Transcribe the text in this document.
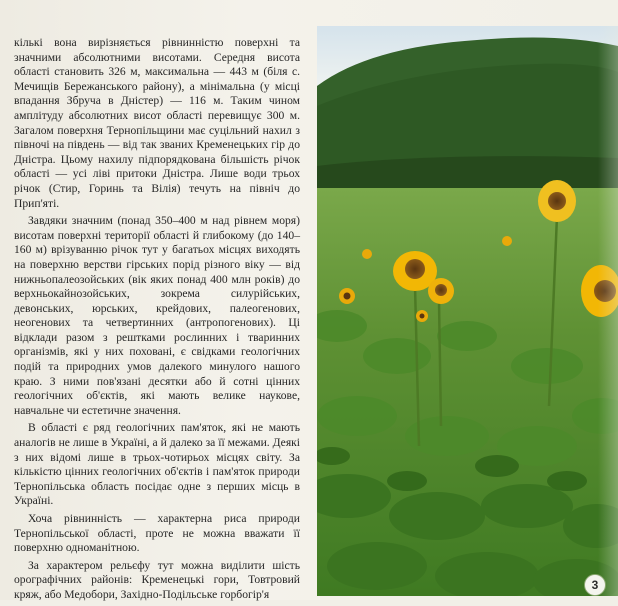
кількі вона вирізняється рівнинністю поверхні та значними абсолютними висотами. Середня висота області становить 326 м, максимальна — 443 м (біля с. Мечищів Бережанського району), а мінімальна (у місці впадання Збруча в Дністер) — 116 м. Таким чином амплітуду абсолютних висот області перевищує 300 м. Загалом поверхня Тернопільщини має суцільний нахил з півночі на південь — від так званих Кременецьких гір до Дністра. Цьому нахилу підпорядкована більшість річок області — усі ліві притоки Дністра. Лише води трьох річок (Стир, Горинь та Вілія) течуть на північ до Прип'яті.

Завдяки значним (понад 350–400 м над рівнем моря) висотам поверхні території області й глибокому (до 140–160 м) врізуванню річок тут у багатьох місцях виходять на поверхню верстви гірських порід різного віку — від нижньопалеозойських (вік яких понад 400 млн років) до верхньокайнозойських, зокрема силурійських, девонських, юрських, крейдових, палеогенових, неогенових та четвертинних (антропогенових). Ці відклади разом з рештками рослинних і тваринних організмів, які у них поховані, є свідками геологічних подій та природних умов далекого минулого нашого краю. З ними пов'язані десятки або й сотні цінних геологічних об'єктів, які мають велике наукове, навчальне чи естетичне значення.

В області є ряд геологічних пам'яток, які не мають аналогів не лише в Україні, а й далеко за її межами. Деякі з них відомі лише в трьох-чотирьох місцях світу. За кількістю цінних геологічних об'єктів і пам'яток природи Тернопільська область посідає одне з перших місць в Україні.

Хоча рівнинність — характерна риса природи Тернопільської області, проте не можна вважати її поверхню одноманітною.

За характером рельєфу тут можна виділити шість орографічних районів: Кременецькі гори, Товтровий кряж, або Медобори, Західно-Подільське горбогір'я

3
